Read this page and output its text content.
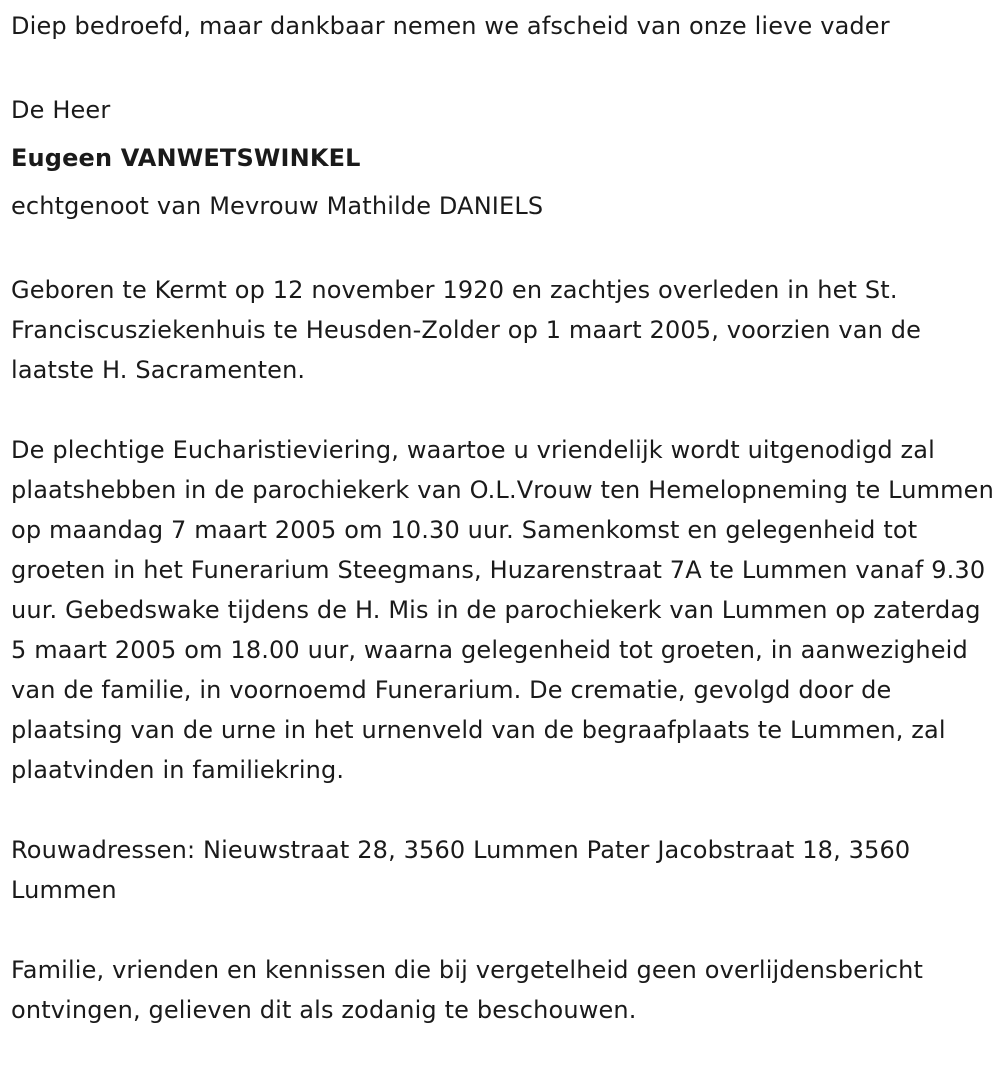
Diep bedroefd, maar dankbaar nemen we afscheid van onze lieve vader

De Heer

Eugeen VANWETSWINKEL

echtgenoot van Mevrouw Mathilde DANIELS

Geboren te Kermt op 12 november 1920 en zachtjes overleden in het St. Franciscusziekenhuis te Heusden-Zolder op 1 maart 2005, voorzien van de laatste H. Sacramenten.

De plechtige Eucharistieviering, waartoe u vriendelijk wordt uitgenodigd zal plaatshebben in de parochiekerk van O.L.Vrouw ten Hemelopneming te Lummen op maandag 7 maart 2005 om 10.30 uur. Samenkomst en gelegenheid tot groeten in het Funerarium Steegmans, Huzarenstraat 7A te Lummen vanaf 9.30 uur. Gebedswake tijdens de H. Mis in de parochiekerk van Lummen op zaterdag 5 maart 2005 om 18.00 uur, waarna gelegenheid tot groeten, in aanwezigheid van de familie, in voornoemd Funerarium. De crematie, gevolgd door de plaatsing van de urne in het urnenveld van de begraafplaats te Lummen, zal plaatvinden in familiekring.

Rouwadressen: Nieuwstraat 28, 3560 Lummen Pater Jacobstraat 18, 3560 Lummen

Familie, vrienden en kennissen die bij vergetelheid geen overlijdensbericht ontvingen, gelieven dit als zodanig te beschouwen.
